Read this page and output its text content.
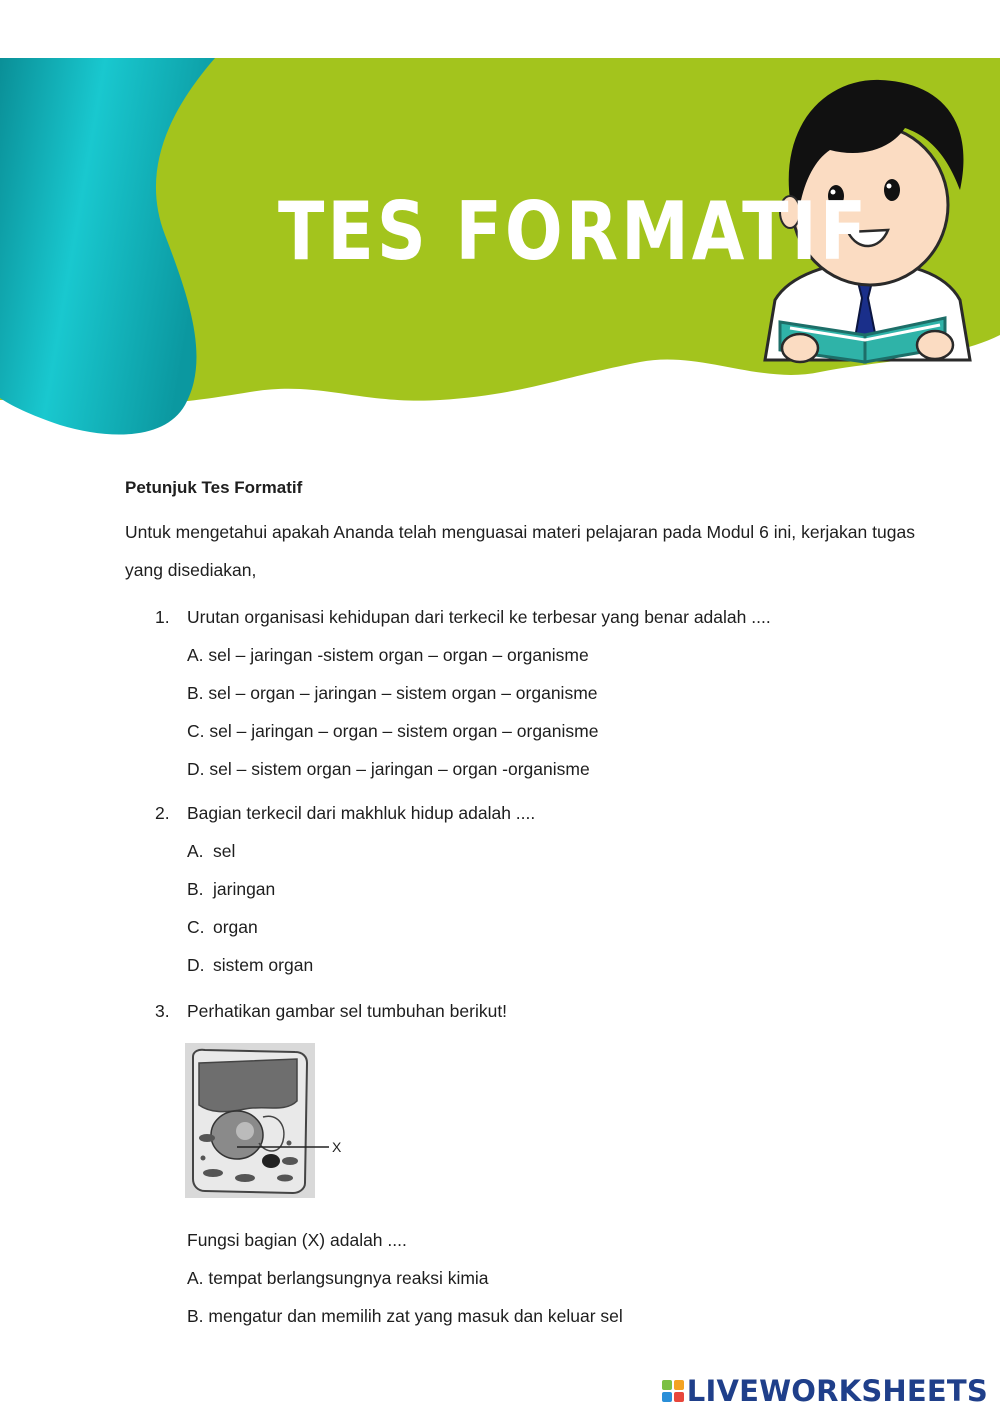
TES FORMATIF

Petunjuk Tes Formatif

Untuk mengetahui apakah Ananda telah menguasai materi pelajaran pada Modul 6 ini, kerjakan tugas yang disediakan,

1. Urutan organisasi kehidupan dari terkecil ke terbesar yang benar adalah ....
A. sel – jaringan -sistem organ – organ – organisme
B. sel – organ – jaringan – sistem organ – organisme
C. sel – jaringan – organ – sistem organ – organisme
D. sel – sistem organ – jaringan – organ -organisme
2. Bagian terkecil dari makhluk hidup adalah ....
A. sel
B. jaringan
C. organ
D. sistem organ
3. Perhatikan gambar sel tumbuhan berikut!
X
Fungsi bagian (X) adalah ....
A. tempat berlangsungnya reaksi kimia
B. mengatur dan memilih zat yang masuk dan keluar sel
LIVEWORKSHEETS
